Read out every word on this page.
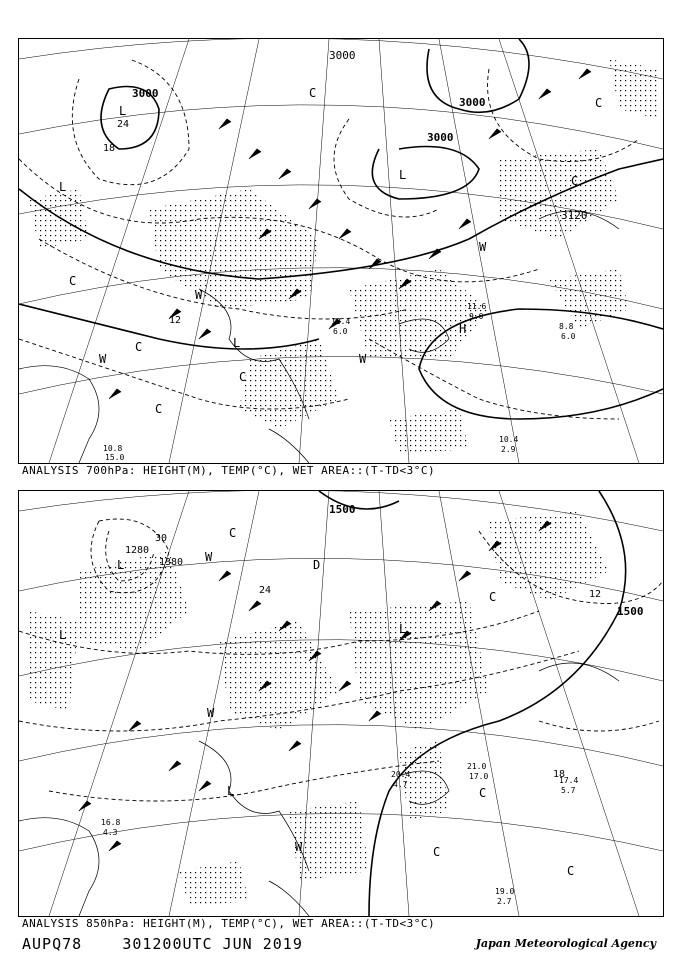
3000
3000
3000
3120
3000
L
L
L
L
H
W
W
W	W
C
C
C
C
C
C
C
24
18
12
11.6
9.0
10.4
2.9
8.8
6.0
12.4
6.0
10.8
15.0
ANALYSIS 700hPa: HEIGHT(M), TEMP(°C), WET AREA::(T-TD<3°C)
1500
1500
1380
1280
L
L	L
L
W
W
W
C
C
C
C
C
D
30
24
18
12
21.0
17.0
20.4
4.7
19.0
2.7
17.4
5.7
16.8
4.3
ANALYSIS 850hPa: HEIGHT(M), TEMP(°C), WET AREA::(T-TD<3°C)
AUPQ78	301200UTC JUN 2019	Japan Meteorological Agency
